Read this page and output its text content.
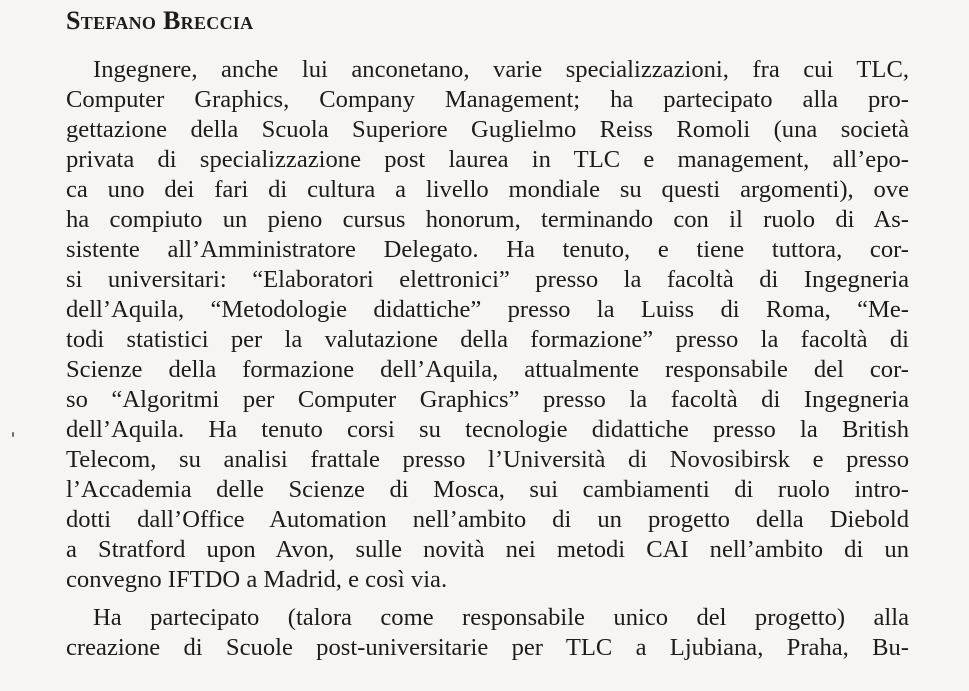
Stefano Breccia

Ingegnere, anche lui anconetano, varie specializzazioni, fra cui TLC,

Computer Graphics, Company Management; ha partecipato alla pro-

gettazione della Scuola Superiore Guglielmo Reiss Romoli (una società

privata di specializzazione post laurea in TLC e management, all’epo-

ca uno dei fari di cultura a livello mondiale su questi argomenti), ove

ha compiuto un pieno cursus honorum, terminando con il ruolo di As-

sistente all’Amministratore Delegato. Ha tenuto, e tiene tuttora, cor-

si universitari: “Elaboratori elettronici” presso la facoltà di Ingegneria

dell’Aquila, “Metodologie didattiche” presso la Luiss di Roma, “Me-

todi statistici per la valutazione della formazione” presso la facoltà di

Scienze della formazione dell’Aquila, attualmente responsabile del cor-

so “Algoritmi per Computer Graphics” presso la facoltà di Ingegneria

dell’Aquila. Ha tenuto corsi su tecnologie didattiche presso la British

Telecom, su analisi frattale presso l’Università di Novosibirsk e presso

l’Accademia delle Scienze di Mosca, sui cambiamenti di ruolo intro-

dotti dall’Office Automation nell’ambito di un progetto della Diebold

a Stratford upon Avon, sulle novità nei metodi CAI nell’ambito di un

convegno IFTDO a Madrid, e così via.

Ha partecipato (talora come responsabile unico del progetto) alla

creazione di Scuole post-universitarie per TLC a Ljubiana, Praha, Bu-
